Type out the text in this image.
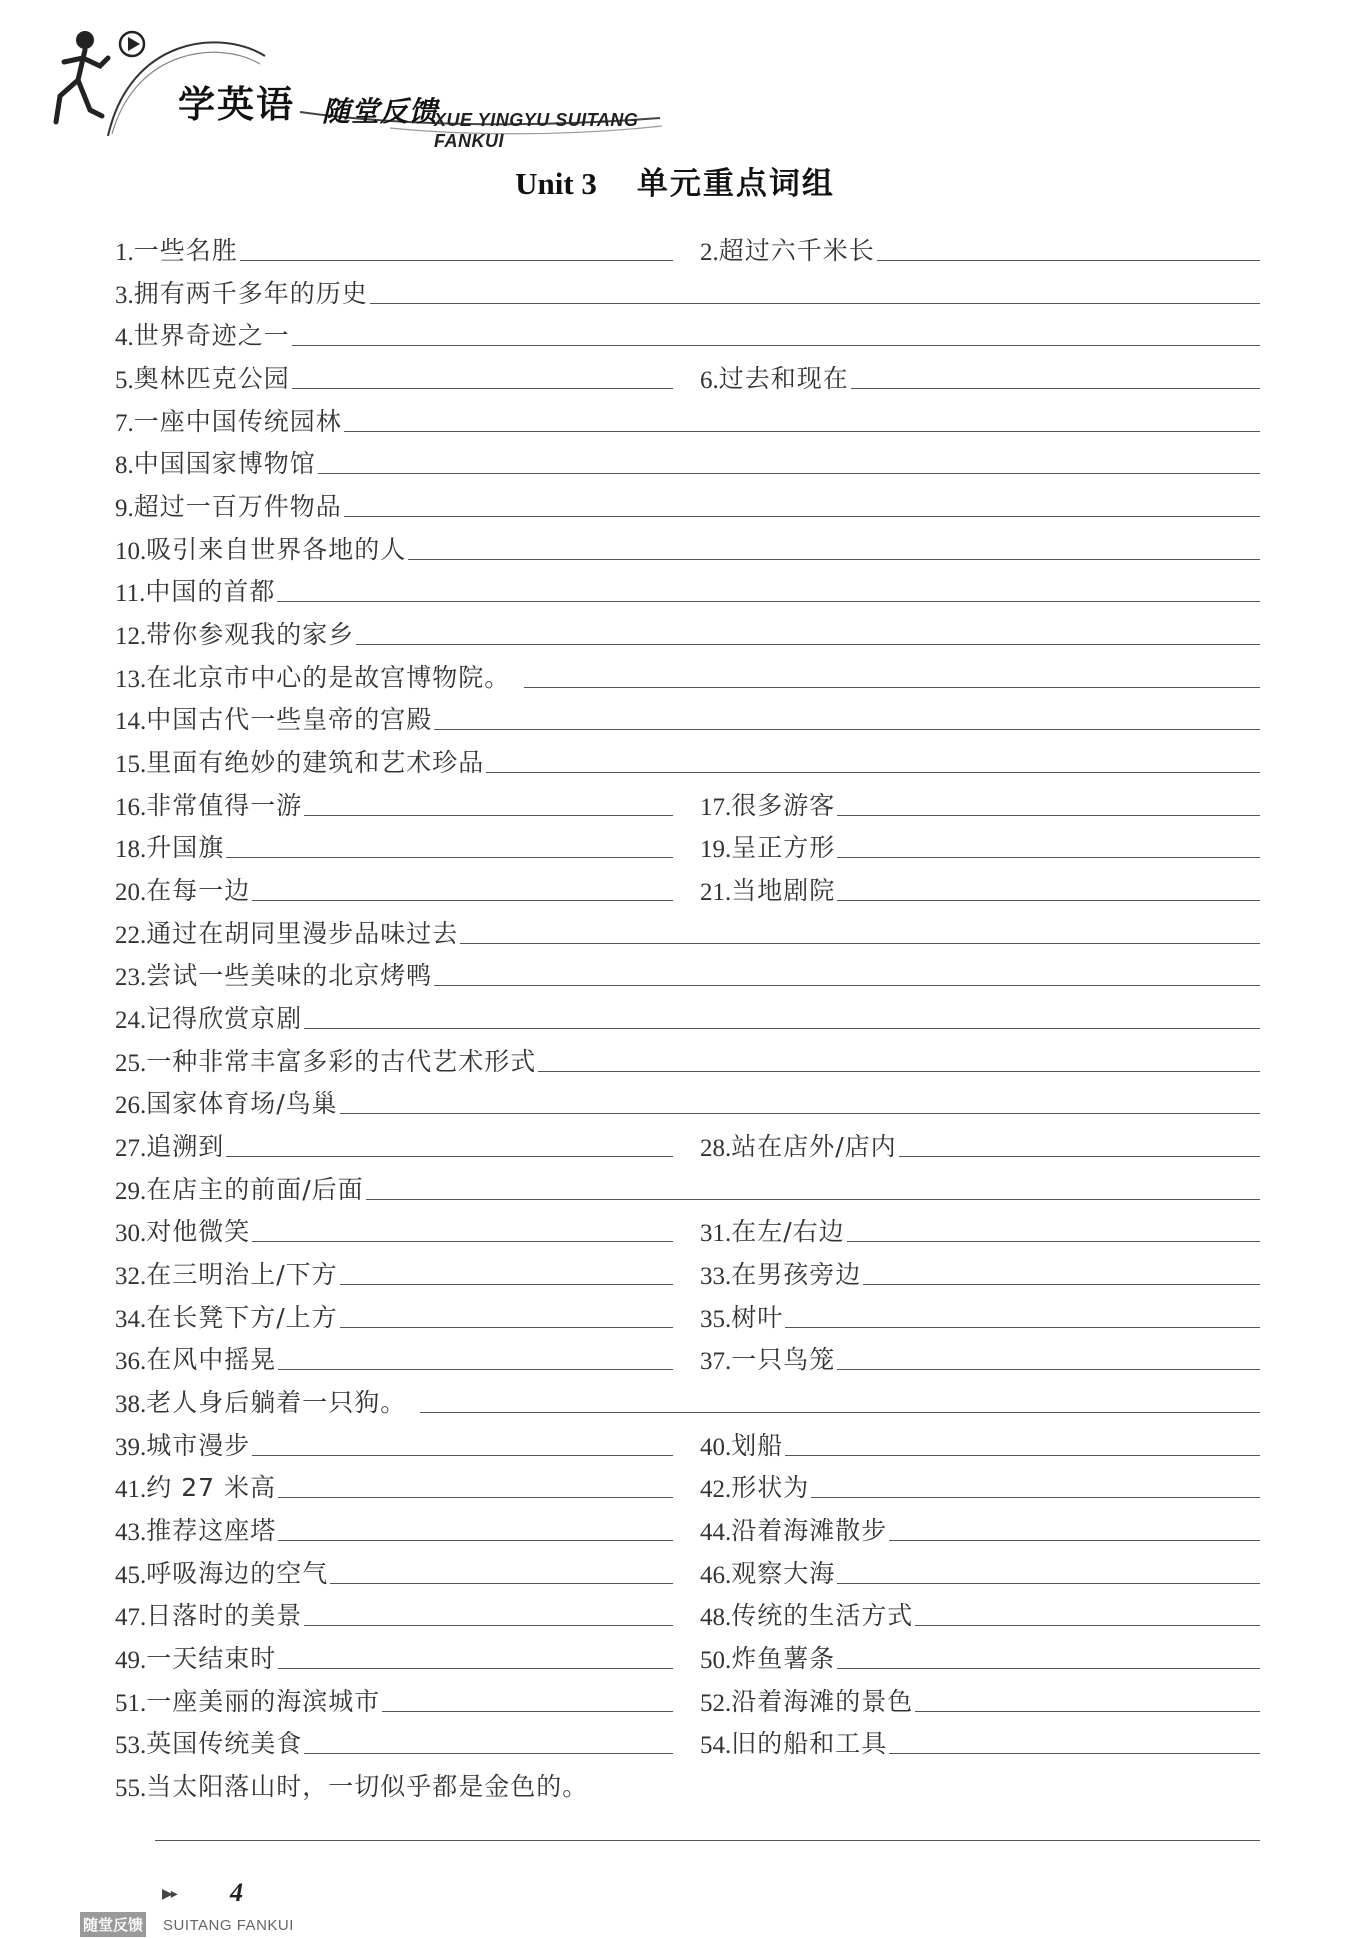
学英语 随堂反馈
XUE YINGYU SUITANG FANKUI
Unit 3 单元重点词组
1. 一些名胜	2. 超过六千米长
3. 拥有两千多年的历史
4. 世界奇迹之一
5. 奥林匹克公园	6. 过去和现在
7. 一座中国传统园林
8. 中国国家博物馆
9. 超过一百万件物品
10. 吸引来自世界各地的人
11. 中国的首都
12. 带你参观我的家乡
13. 在北京市中心的是故宫博物院。
14. 中国古代一些皇帝的宫殿
15. 里面有绝妙的建筑和艺术珍品
16. 非常值得一游	17. 很多游客
18. 升国旗	19. 呈正方形
20. 在每一边	21. 当地剧院
22. 通过在胡同里漫步品味过去
23. 尝试一些美味的北京烤鸭
24. 记得欣赏京剧
25. 一种非常丰富多彩的古代艺术形式
26. 国家体育场/鸟巢
27. 追溯到	28. 站在店外/店内
29. 在店主的前面/后面
30. 对他微笑	31. 在左/右边
32. 在三明治上/下方	33. 在男孩旁边
34. 在长凳下方/上方	35. 树叶
36. 在风中摇晃	37. 一只鸟笼
38. 老人身后躺着一只狗。
39. 城市漫步	40. 划船
41. 约 27 米高	42. 形状为
43. 推荐这座塔	44. 沿着海滩散步
45. 呼吸海边的空气	46. 观察大海
47. 日落时的美景	48. 传统的生活方式
49. 一天结束时	50. 炸鱼薯条
51. 一座美丽的海滨城市	52. 沿着海滩的景色
53. 英国传统美食	54. 旧的船和工具
55. 当太阳落山时，一切似乎都是金色的。
▶▸ 4
随堂反馈 SUITANG FANKUI
